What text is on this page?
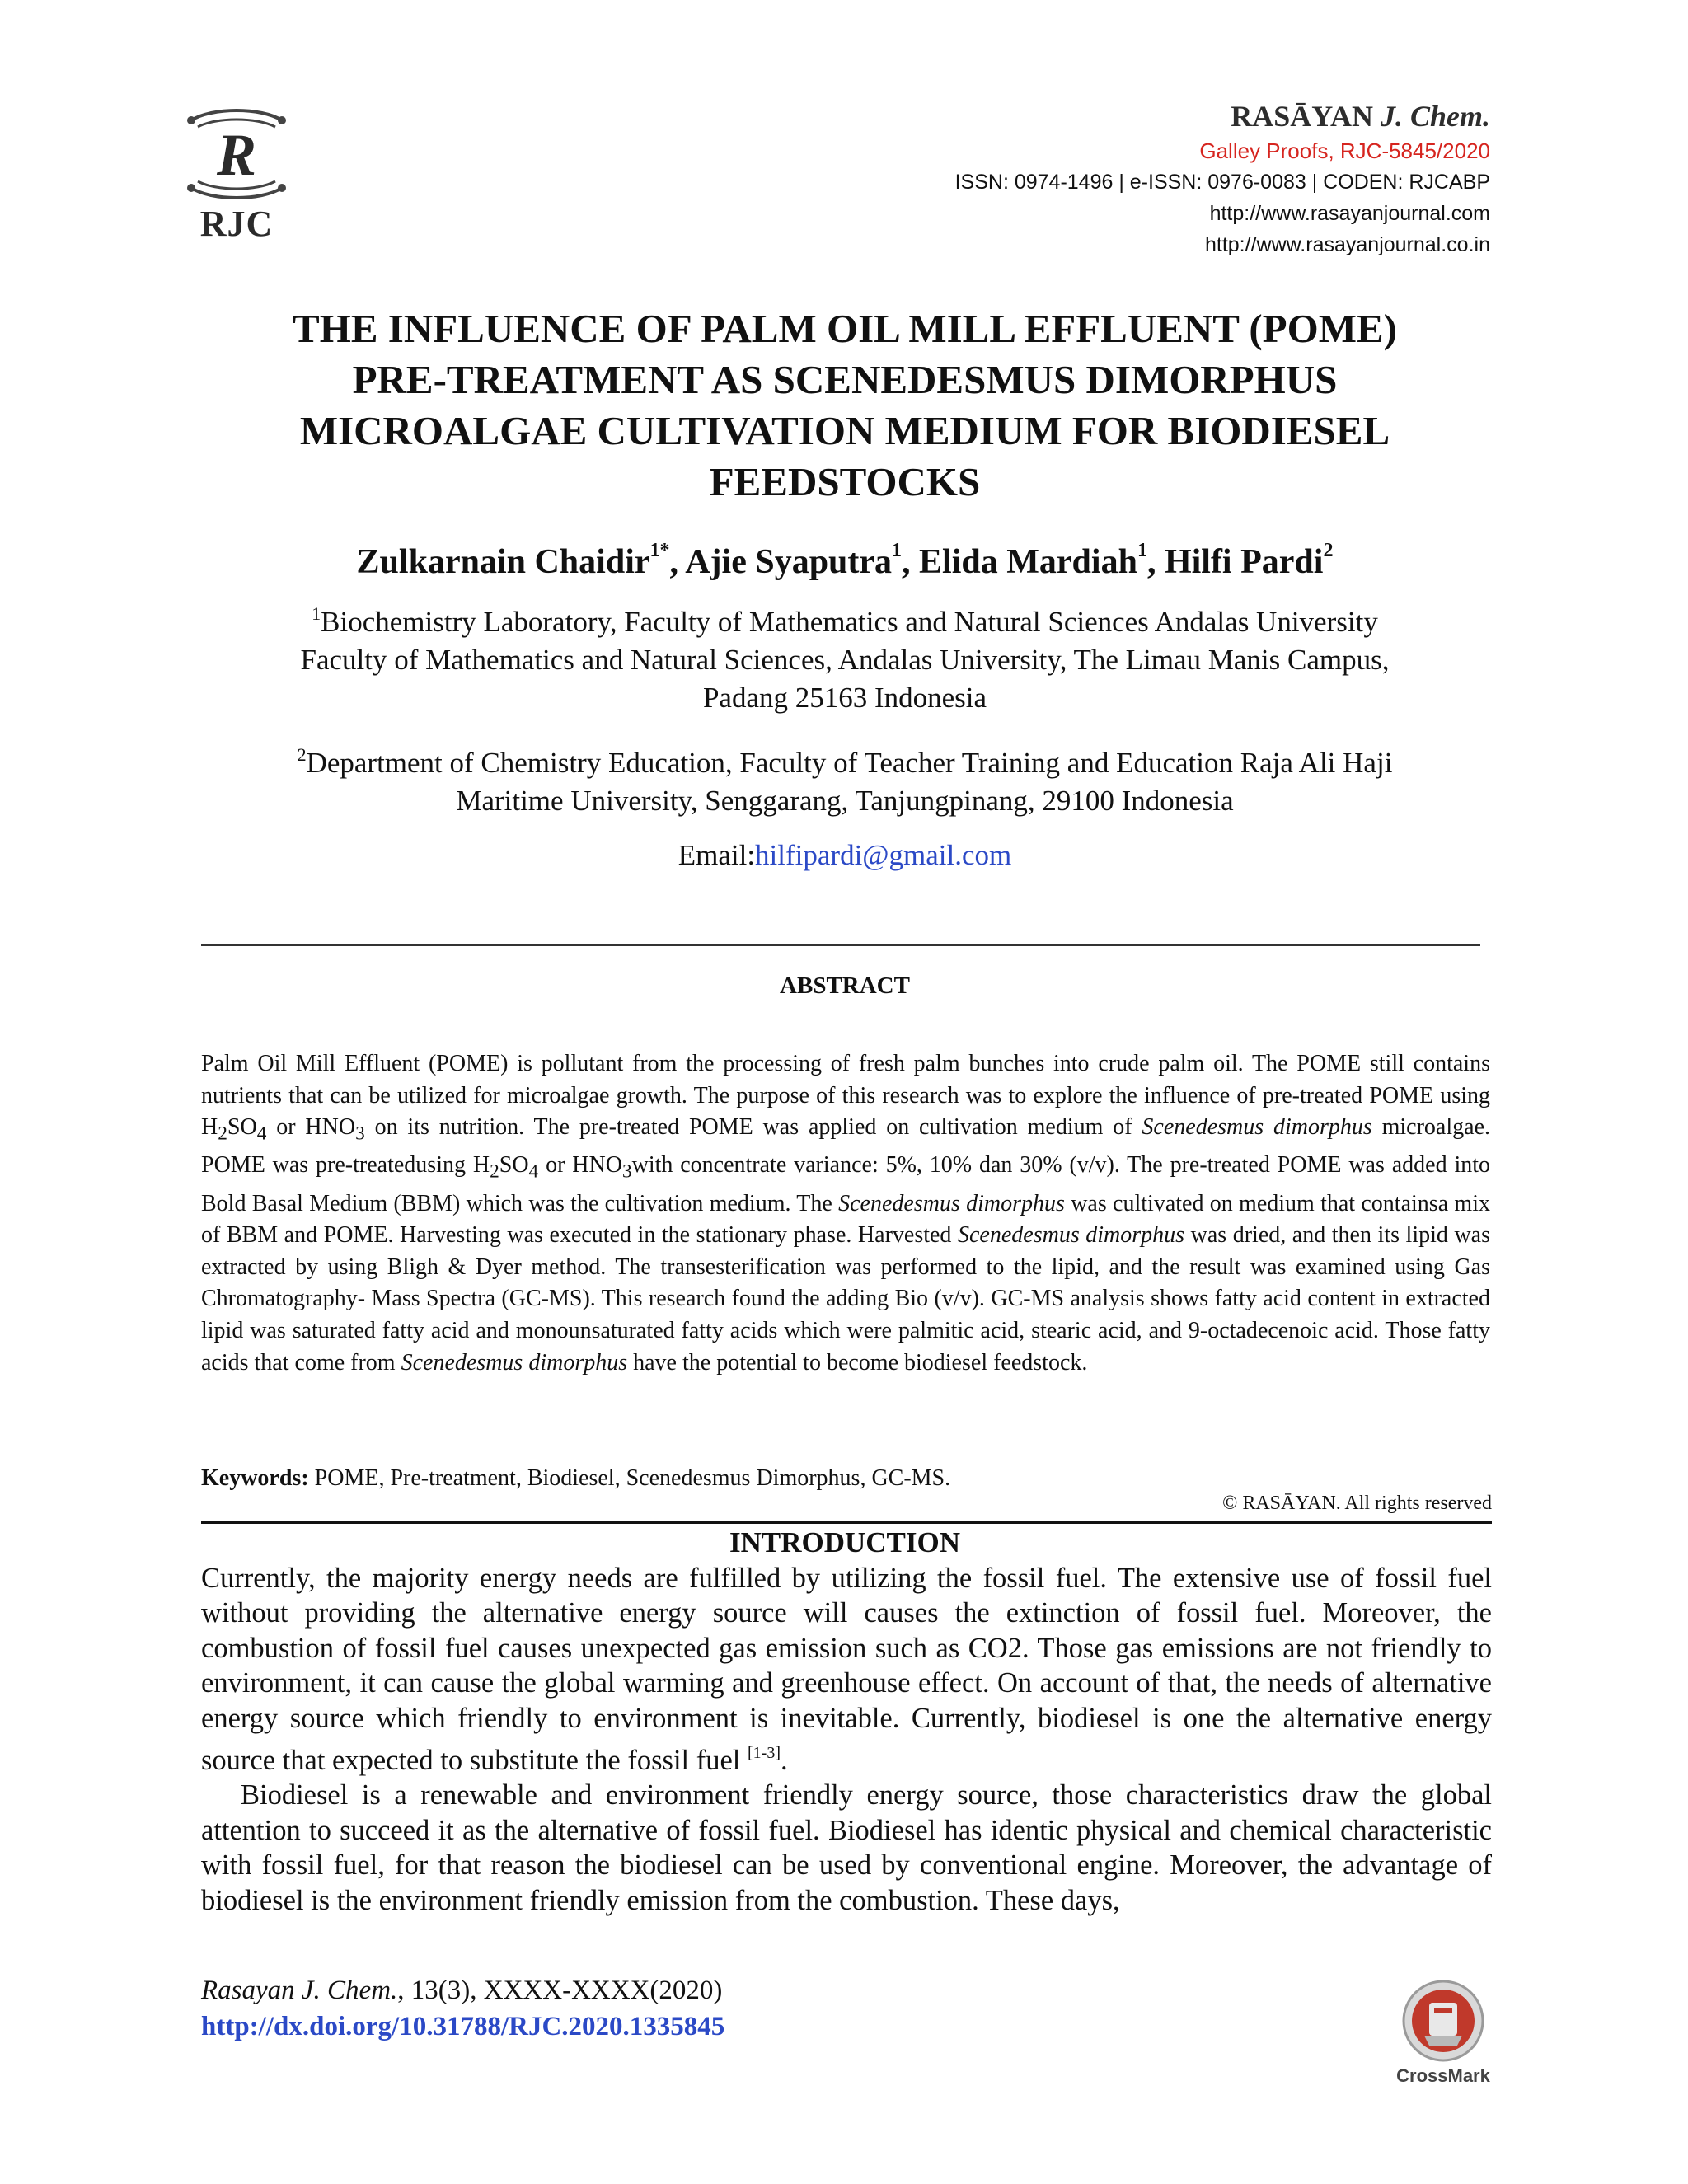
R
RJC
RASĀYAN J. Chem.
Galley Proofs, RJC-5845/2020
ISSN: 0974-1496 | e-ISSN: 0976-0083 | CODEN: RJCABP
http://www.rasayanjournal.com
http://www.rasayanjournal.co.in
THE INFLUENCE OF PALM OIL MILL EFFLUENT (POME)
PRE-TREATMENT AS SCENEDESMUS DIMORPHUS
MICROALGAE CULTIVATION MEDIUM FOR BIODIESEL
FEEDSTOCKS
Zulkarnain Chaidir$^{1*}$, Ajie Syaputra$^1$, Elida Mardiah$^1$, Hilfi Pardi$^2$
$^1$Biochemistry Laboratory, Faculty of Mathematics and Natural Sciences Andalas University
Faculty of Mathematics and Natural Sciences, Andalas University, The Limau Manis Campus,
Padang 25163 Indonesia
$^2$Department of Chemistry Education, Faculty of Teacher Training and Education Raja Ali Haji
Maritime University, Senggarang, Tanjungpinang, 29100 Indonesia
Email:hilfipardi@gmail.com
ABSTRACT
Palm Oil Mill Effluent (POME) is pollutant from the processing of fresh palm bunches into crude palm oil. The POME still contains nutrients that can be utilized for microalgae growth. The purpose of this research was to explore the influence of pre-treated POME using $H_2SO_4$ or $HNO_3$ on its nutrition. The pre-treated POME was applied on cultivation medium of Scenedesmus dimorphus microalgae. POME was pre-treatedusing $H_2SO_4$ or $HNO_3with$ concentrate variance: 5%, 10% dan 30% (v/v). The pre-treated POME was added into Bold Basal Medium (BBM) which was the cultivation medium. The Scenedesmus dimorphus was cultivated on medium that containsa mix of BBM and POME. Harvesting was executed in the stationary phase. Harvested Scenedesmus dimorphus was dried, and then its lipid was extracted by using Bligh & Dyer method. The transesterification was performed to the lipid, and the result was examined using Gas Chromatography- Mass Spectra (GC-MS). This research found the adding Bio (v/v). GC-MS analysis shows fatty acid content in extracted lipid was saturated fatty acid and monounsaturated fatty acids which were palmitic acid, stearic acid, and 9-octadecenoic acid. Those fatty acids that come from Scenedesmus dimorphus have the potential to become biodiesel feedstock.
Keywords: POME, Pre-treatment, Biodiesel, Scenedesmus Dimorphus, GC-MS.
© RASĀYAN. All rights reserved
INTRODUCTION

Currently, the majority energy needs are fulfilled by utilizing the fossil fuel. The extensive use of fossil fuel without providing the alternative energy source will causes the extinction of fossil fuel. Moreover, the combustion of fossil fuel causes unexpected gas emission such as CO2. Those gas emissions are not friendly to environment, it can cause the global warming and greenhouse effect. On account of that, the needs of alternative energy source which friendly to environment is inevitable. Currently, biodiesel is one the alternative energy source that expected to substitute the fossil fuel [1-3].

Biodiesel is a renewable and environment friendly energy source, those characteristics draw the global attention to succeed it as the alternative of fossil fuel. Biodiesel has identic physical and chemical characteristic with fossil fuel, for that reason the biodiesel can be used by conventional engine. Moreover, the advantage of biodiesel is the environment friendly emission from the combustion. These days,

Rasayan J. Chem., 13(3), XXXX-XXXX(2020)
http://dx.doi.org/10.31788/RJC.2020.1335845
CrossMark
